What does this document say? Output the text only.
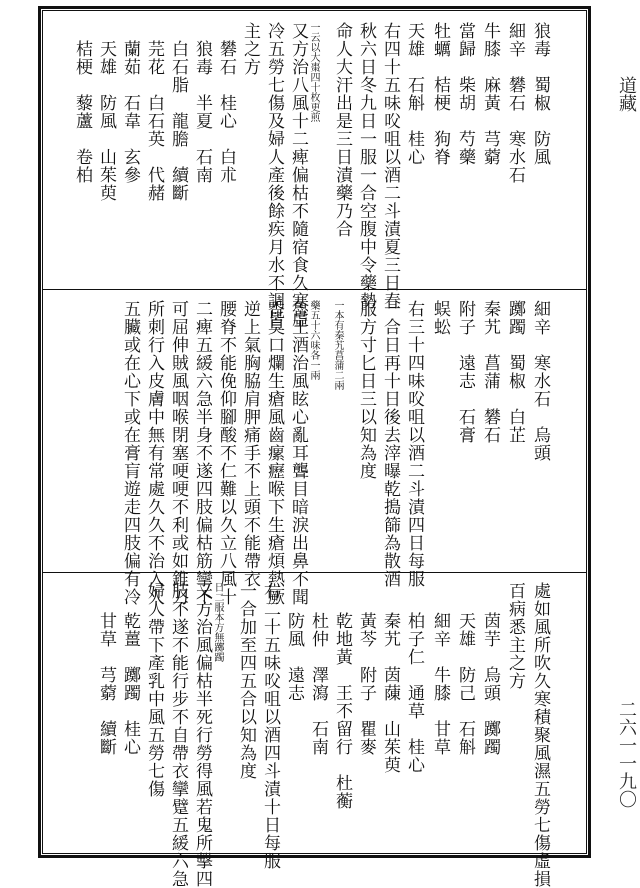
道藏
二六一一九〇
狼毒　蜀椒　防風
細辛　礬石　寒水石
牛膝　麻黃　芎藭
當歸　柴胡　芍藥
牡蠣　桔梗　狗脊
天雄　石斛　桂心
右四十五味㕮咀以酒二斗漬夏三日春
秋六日冬九日一服一合空腹中令藥勢
命人大汗出是三日漬藥乃合
一云以大棗四十枚更煎
又方治八風十二痺偏枯不隨宿食久寒虛
冷五勞七傷及婦人產後餘疾月水不調皆
主之方
礬石　桂心　白朮
狼毒　半夏　石南
白石脂　龍膽　續斷
芫花　白石英　代赭
蘭茹　石韋　玄參
天雄　防風　山茱萸
桔梗　藜蘆　卷柏
細辛　寒水石　烏頭
躑躅　蜀椒　白芷
秦艽　菖蒲　礬石
附子　遠志　石膏
蜈蚣
右三十四味㕮咀以酒二斗漬四日每服
一合日再十日後去滓曝乾搗篩為散酒
服方寸匕日三以知為度
一本有秦艽菖蒲二兩
藥五十六味各一兩
魯王酒治風眩心亂耳聾目暗淚出鼻不聞
香臭口爛生瘡風齒瘰癧喉下生瘡煩熱厥
逆上氣胸脇肩胛痛手不上頭不能帶衣
腰脊不能俛仰腳酸不仁難以久立八風十
二痺五緩六急半身不遂四肢偏枯筋攣不
可屈伸賊風咽喉閉塞哽哽不利或如錐刀
所刺行入皮膚中無有常處久久不治入人
五臟或在心下或在膏肓遊走四肢偏有冷
處如風所吹久寒積聚風濕五勞七傷虛損
百病悉主之方
茵芋　烏頭　躑躅
天雄　防己　石斛
細辛　牛膝　甘草
柏子仁　通草　桂心
秦艽　茵蔯　山茱萸
黃芩　附子　瞿麥
乾地黃　王不留行　杜蘅
杜仲　澤瀉　石南
防風　遠志
右二十五味㕮咀以酒四斗漬十日每服
一合加至四五合以知為度
日二服本方無躑躅
又方治風偏枯半死行勞得風若鬼所擊四
肢不遂不能行步不自帶衣攣躄五緩六急
婦人帶下產乳中風五勞七傷
乾薑　躑躅　桂心
甘草　芎藭　續斷
